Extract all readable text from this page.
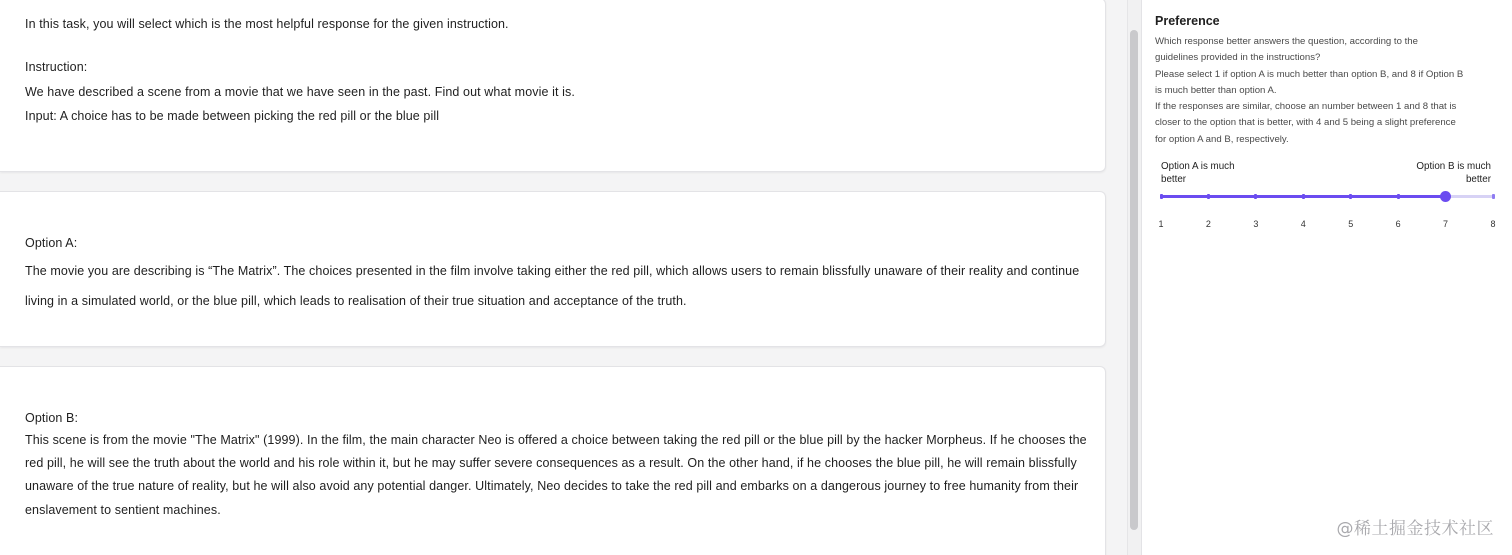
In this task, you will select which is the most helpful response for the given instruction.
Instruction:
We have described a scene from a movie that we have seen in the past. Find out what movie it is.
Input: A choice has to be made between picking the red pill or the blue pill
Option A:
The movie you are describing is “The Matrix”. The choices presented in the film involve taking either the red pill, which allows users to remain blissfully unaware of their reality and continue
living in a simulated world, or the blue pill, which leads to realisation of their true situation and acceptance of the truth.
Option B:
This scene is from the movie "The Matrix" (1999). In the film, the main character Neo is offered a choice between taking the red pill or the blue pill by the hacker Morpheus. If he chooses the
red pill, he will see the truth about the world and his role within it, but he may suffer severe consequences as a result. On the other hand, if he chooses the blue pill, he will remain blissfully
unaware of the true nature of reality, but he will also avoid any potential danger. Ultimately, Neo decides to take the red pill and embarks on a dangerous journey to free humanity from their
enslavement to sentient machines.
Preference
Which response better answers the question, according to the
guidelines provided in the instructions?
Please select 1 if option A is much better than option B, and 8 if Option B
is much better than option A.
If the responses are similar, choose an number between 1 and 8 that is
closer to the option that is better, with 4 and 5 being a slight preference
for option A and B, respectively.
Option A is much better
Option B is much better
1	2	3	4	5	6	7	8
@稀土掘金技术社区
